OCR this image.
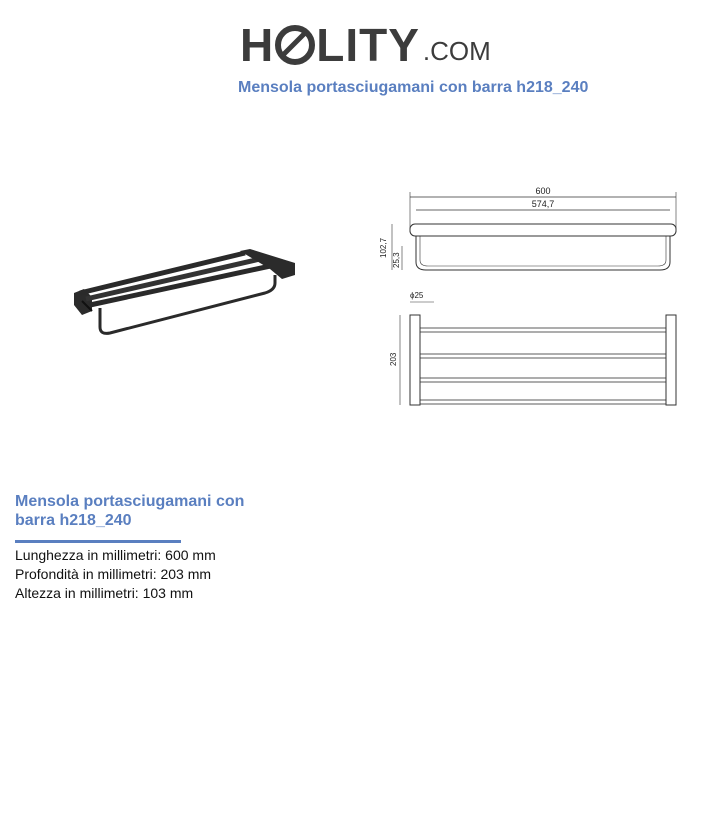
H LITY .COM
Mensola portasciugamani con barra h218_240
600
574,7
102,7
25,3
ϕ25
203
Mensola portasciugamani con barra h218_240
Lunghezza in millimetri: 600 mm
Profondità in millimetri: 203 mm
Altezza in millimetri: 103 mm
